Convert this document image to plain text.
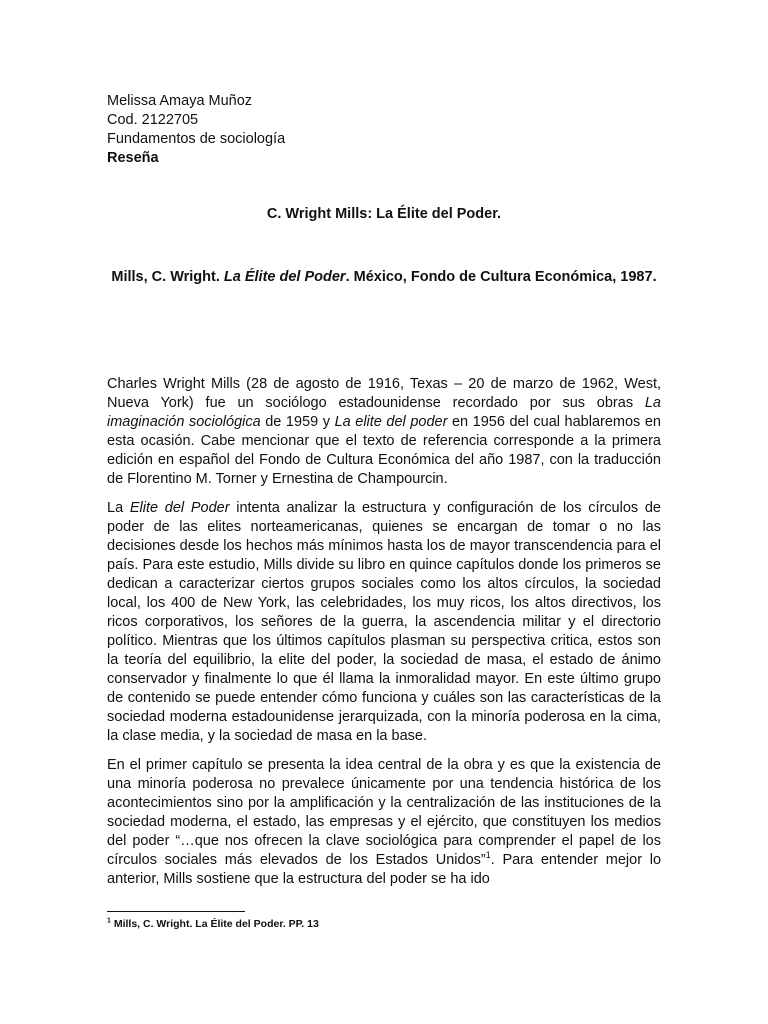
Melissa Amaya Muñoz

Cod. 2122705

Fundamentos de sociología

Reseña

C. Wright Mills: La Élite del Poder.

Mills, C. Wright. La Élite del Poder. México, Fondo de Cultura Económica, 1987.

Charles Wright Mills (28 de agosto de 1916, Texas – 20 de marzo de 1962, West, Nueva York) fue un sociólogo estadounidense recordado por sus obras La imaginación sociológica de 1959 y La elite del poder en 1956 del cual hablaremos en esta ocasión. Cabe mencionar que el texto de referencia corresponde a la primera edición en español del Fondo de Cultura Económica del año 1987, con la traducción de Florentino M. Torner y Ernestina de Champourcin.

La Elite del Poder intenta analizar la estructura y configuración de los círculos de poder de las elites norteamericanas, quienes se encargan de tomar o no las decisiones desde los hechos más mínimos hasta los de mayor transcendencia para el país. Para este estudio, Mills divide su libro en quince capítulos donde los primeros se dedican a caracterizar ciertos grupos sociales como los altos círculos, la sociedad local, los 400 de New York, las celebridades, los muy ricos, los altos directivos, los ricos corporativos, los señores de la guerra, la ascendencia militar y el directorio político. Mientras que los últimos capítulos plasman su perspectiva critica, estos son la teoría del equilibrio, la elite del poder, la sociedad de masa, el estado de ánimo conservador y finalmente lo que él llama la inmoralidad mayor. En este último grupo de contenido se puede entender cómo funciona y cuáles son las características de la sociedad moderna estadounidense jerarquizada, con la minoría poderosa en la cima, la clase media, y la sociedad de masa en la base.

En el primer capítulo se presenta la idea central de la obra y es que la existencia de una minoría poderosa no prevalece únicamente por una tendencia histórica de los acontecimientos sino por la amplificación y la centralización de las instituciones de la sociedad moderna, el estado, las empresas y el ejército, que constituyen los medios del poder “…que nos ofrecen la clave sociológica para comprender el papel de los círculos sociales más elevados de los Estados Unidos”$^1$. Para entender mejor lo anterior, Mills sostiene que la estructura del poder se ha ido

$^1$ Mills, C. Wright. La Élite del Poder. PP. 13
